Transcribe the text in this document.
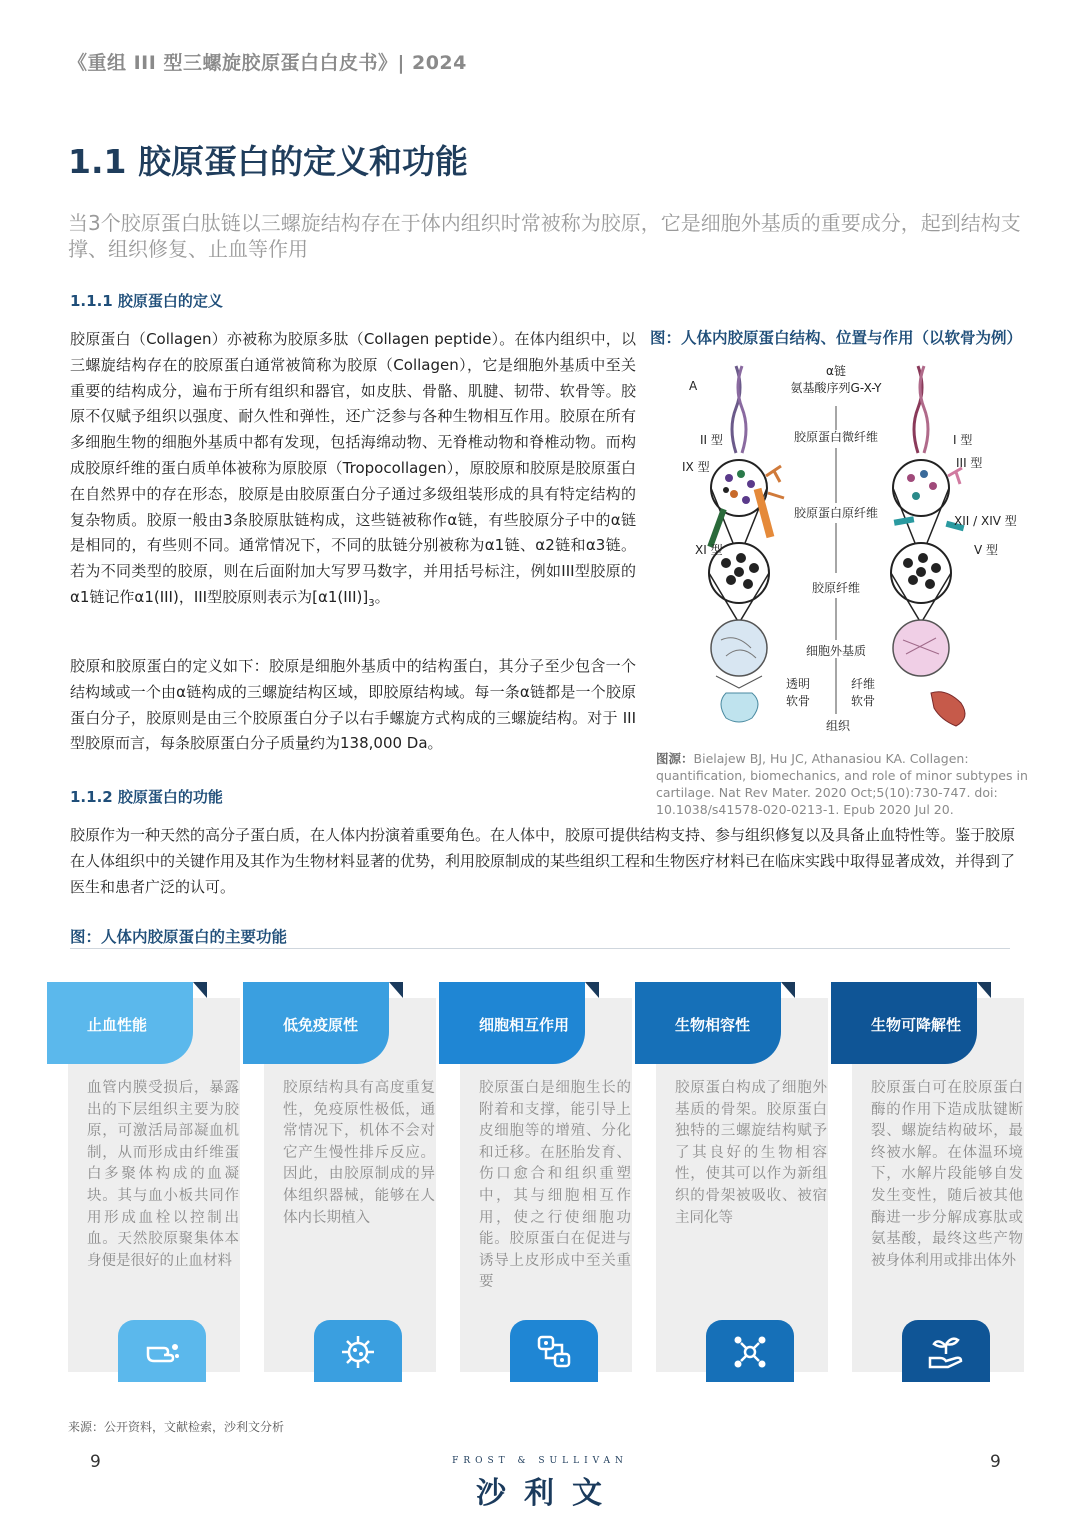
《重组 III 型三螺旋胶原蛋白白皮书》| 2024
1.1 胶原蛋白的定义和功能
当3个胶原蛋白肽链以三螺旋结构存在于体内组织时常被称为胶原，它是细胞外基质的重要成分，起到结构支撑、组织修复、止血等作用
1.1.1 胶原蛋白的定义

胶原蛋白（Collagen）亦被称为胶原多肽（Collagen peptide）。在体内组织中，以三螺旋结构存在的胶原蛋白通常被简称为胶原（Collagen），它是细胞外基质中至关重要的结构成分，遍布于所有组织和器官，如皮肤、骨骼、肌腱、韧带、软骨等。胶原不仅赋予组织以强度、耐久性和弹性，还广泛参与各种生物相互作用。胶原在所有多细胞生物的细胞外基质中都有发现，包括海绵动物、无脊椎动物和脊椎动物。而构成胶原纤维的蛋白质单体被称为原胶原（Tropocollagen），原胶原和胶原是胶原蛋白在自然界中的存在形态，胶原是由胶原蛋白分子通过多级组装形成的具有特定结构的复杂物质。胶原一般由3条胶原肽链构成，这些链被称作α链，有些胶原分子中的α链是相同的，有些则不同。通常情况下，不同的肽链分别被称为α1链、α2链和α3链。若为不同类型的胶原，则在后面附加大写罗马数字，并用括号标注，例如III型胶原的α1链记作α1(III)，III型胶原则表示为$[\alpha 1(III)]_3$。

胶原和胶原蛋白的定义如下：胶原是细胞外基质中的结构蛋白，其分子至少包含一个结构域或一个由α链构成的三螺旋结构区域，即胶原结构域。每一条α链都是一个胶原蛋白分子，胶原则是由三个胶原蛋白分子以右手螺旋方式构成的三螺旋结构。对于 III 型胶原而言，每条胶原蛋白分子质量约为138,000 Da。

1.1.2 胶原蛋白的功能

胶原作为一种天然的高分子蛋白质，在人体内扮演着重要角色。在人体中，胶原可提供结构支持、参与组织修复以及具备止血特性等。鉴于胶原在人体组织中的关键作用及其作为生物材料显著的优势，利用胶原制成的某些组织工程和生物医疗材料已在临床实践中取得显著成效，并得到了医生和患者广泛的认可。

图：人体内胶原蛋白结构、位置与作用（以软骨为例）
A
α链
氨基酸序列G-X-Y
II 型
IX 型
XI 型
I 型
III 型
XII / XIV 型
V 型
胶原蛋白微纤维
胶原蛋白原纤维
胶原纤维
细胞外基质
透明
软骨
纤维
软骨
组织
图源：Bielajew BJ, Hu JC, Athanasiou KA. Collagen: quantification, biomechanics, and role of minor subtypes in cartilage. Nat Rev Mater. 2020 Oct;5(10):730-747. doi: 10.1038/s41578-020-0213-1. Epub 2020 Jul 20.
图：人体内胶原蛋白的主要功能
止血性能
血管内膜受损后，暴露出的下层组织主要为胶原，可激活局部凝血机制，从而形成由纤维蛋白多聚体构成的血凝块。其与血小板共同作用形成血栓以控制出血。天然胶原聚集体本身便是很好的止血材料
低免疫原性
胶原结构具有高度重复性，免疫原性极低，通常情况下，机体不会对它产生慢性排斥反应。因此，由胶原制成的异体组织器械，能够在人体内长期植入
细胞相互作用
胶原蛋白是细胞生长的附着和支撑，能引导上皮细胞等的增殖、分化和迁移。在胚胎发育、伤口愈合和组织重塑中，其与细胞相互作用，使之行使细胞功能。胶原蛋白在促进与诱导上皮形成中至关重要
生物相容性
胶原蛋白构成了细胞外基质的骨架。胶原蛋白独特的三螺旋结构赋予了其良好的生物相容性，使其可以作为新组织的骨架被吸收、被宿主同化等
生物可降解性
胶原蛋白可在胶原蛋白酶的作用下造成肽键断裂、螺旋结构破坏，最终被水解。在体温环境下，水解片段能够自发发生变性，随后被其他酶进一步分解成寡肽或氨基酸，最终这些产物被身体利用或排出体外
来源：公开资料，文献检索，沙利文分析
9	9
FROST & SULLIVAN
沙利文
